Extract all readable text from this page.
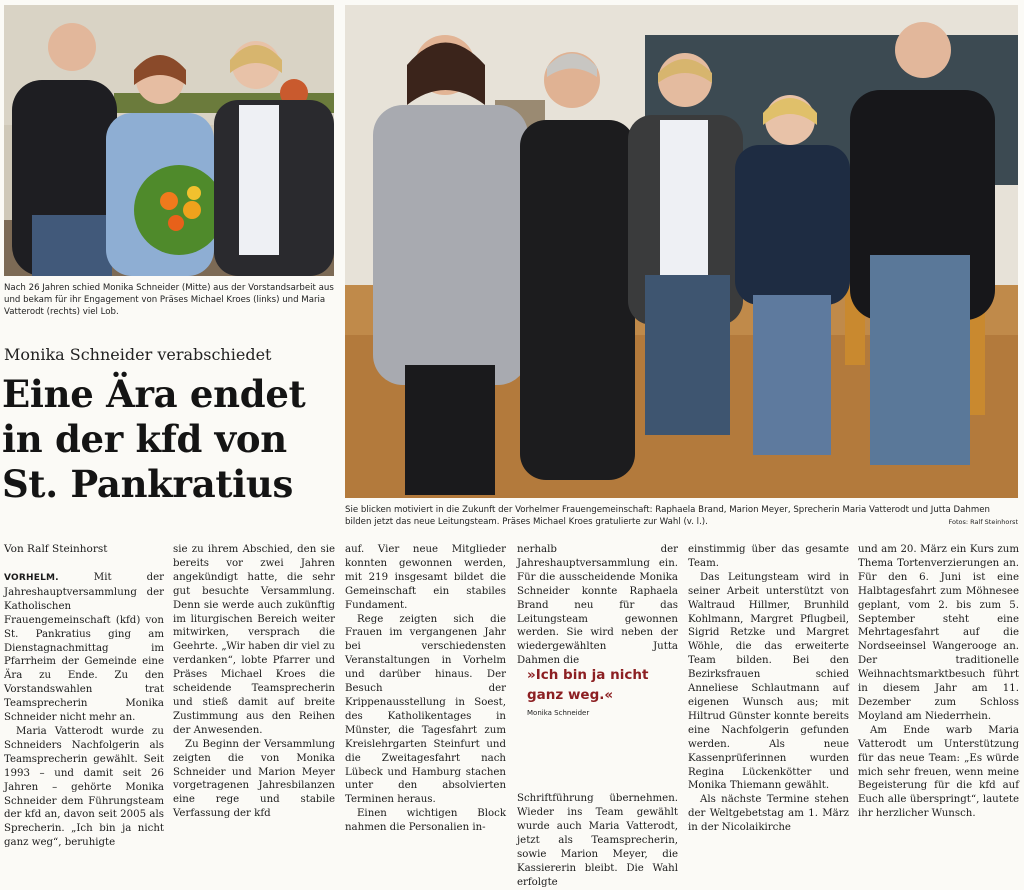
Nach 26 Jahren schied Monika Schneider (Mitte) aus der Vorstandsarbeit aus und bekam für ihr Engagement von Präses Michael Kroes (links) und Maria Vatterodt (rechts) viel Lob.
Sie blicken motiviert in die Zukunft der Vorhelmer Frauengemeinschaft: Raphaela Brand, Marion Meyer, Sprecherin Maria Vatterodt und Jutta Dahmen bilden jetzt das neue Leitungsteam. Präses Michael Kroes gratulierte zur Wahl (v. l.).	Fotos: Ralf Steinhorst
Monika Schneider verabschiedet
Eine Ära endet in der kfd von St. Pankratius
Von Ralf Steinhorst

VORHELM. Mit der Jahreshauptversammlung der Katholischen Frauengemeinschaft (kfd) von St. Pankratius ging am Dienstagnachmittag im Pfarrheim der Gemeinde eine Ära zu Ende. Zu den Vorstandswahlen trat Teamsprecherin Monika Schneider nicht mehr an.

Maria Vatterodt wurde zu Schneiders Nachfolgerin als Teamsprecherin gewählt. Seit 1993 – und damit seit 26 Jahren – gehörte Monika Schneider dem Führungsteam der kfd an, davon seit 2005 als Sprecherin. „Ich bin ja nicht ganz weg“, beruhigte

sie zu ihrem Abschied, den sie bereits vor zwei Jahren angekündigt hatte, die sehr gut besuchte Versammlung. Denn sie werde auch zukünftig im liturgischen Bereich weiter mitwirken, versprach die Geehrte. „Wir haben dir viel zu verdanken“, lobte Pfarrer und Präses Michael Kroes die scheidende Teamsprecherin und stieß damit auf breite Zustimmung aus den Reihen der Anwesenden.

Zu Beginn der Versammlung zeigten die von Monika Schneider und Marion Meyer vorgetragenen Jahresbilanzen eine rege und stabile Verfassung der kfd

auf. Vier neue Mitglieder konnten gewonnen werden, mit 219 insgesamt bildet die Gemeinschaft ein stabiles Fundament.

Rege zeigten sich die Frauen im vergangenen Jahr bei verschiedensten Veranstaltungen in Vorhelm und darüber hinaus. Der Besuch der Krippenausstellung in Soest, des Katholikentages in Münster, die Tagesfahrt zum Kreislehrgarten Steinfurt und die Zweitagesfahrt nach Lübeck und Hamburg stachen unter den absolvierten Terminen heraus.

Einen wichtigen Block nahmen die Personalien in-

nerhalb der Jahreshauptversammlung ein. Für die ausscheidende Monika Schneider konnte Raphaela Brand neu für das Leitungsteam gewonnen werden. Sie wird neben der wiedergewählten Jutta Dahmen die

Schriftführung übernehmen. Wieder ins Team gewählt wurde auch Maria Vatterodt, jetzt als Teamsprecherin, sowie Marion Meyer, die Kassiererin bleibt. Die Wahl erfolgte

»Ich bin ja nicht ganz weg.«
Monika Schneider

einstimmig über das gesamte Team.

Das Leitungsteam wird in seiner Arbeit unterstützt von Waltraud Hillmer, Brunhild Kohlmann, Margret Pflugbeil, Sigrid Retzke und Margret Wöhle, die das erweiterte Team bilden. Bei den Bezirksfrauen schied Anneliese Schlautmann auf eigenen Wunsch aus; mit Hiltrud Günster konnte bereits eine Nachfolgerin gefunden werden. Als neue Kassenprüferinnen wurden Regina Lückenkötter und Monika Thiemann gewählt.

Als nächste Termine stehen der Weltgebetstag am 1. März in der Nicolaikirche

und am 20. März ein Kurs zum Thema Tortenverzierungen an. Für den 6. Juni ist eine Halbtagesfahrt zum Möhnesee geplant, vom 2. bis zum 5. September steht eine Mehrtagesfahrt auf die Nordseeinsel Wangerooge an. Der traditionelle Weihnachtsmarktbesuch führt in diesem Jahr am 11. Dezember zum Schloss Moyland am Niederrhein.

Am Ende warb Maria Vatterodt um Unterstützung für das neue Team: „Es würde mich sehr freuen, wenn meine Begeisterung für die kfd auf Euch alle überspringt“, lautete ihr herzlicher Wunsch.
